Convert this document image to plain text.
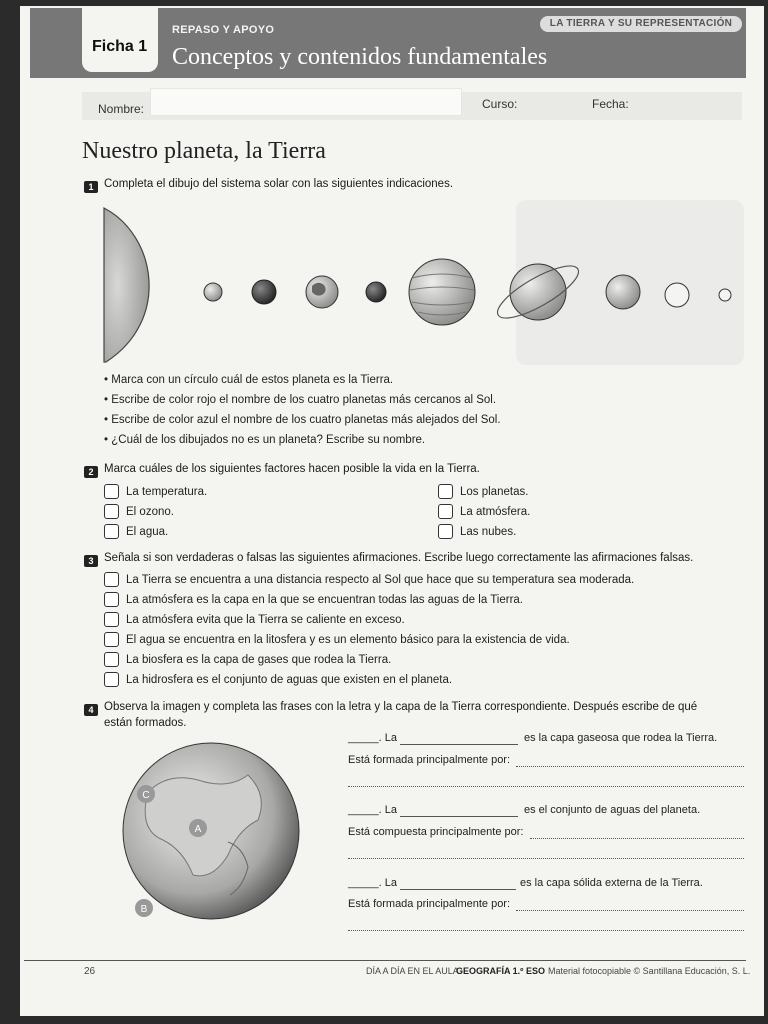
Ficha 1
REPASO Y APOYO
LA TIERRA Y SU REPRESENTACIÓN
Conceptos y contenidos fundamentales
Nombre:	Curso:	Fecha:
Nuestro planeta, la Tierra
1 Completa el dibujo del sistema solar con las siguientes indicaciones.
• Marca con un círculo cuál de estos planeta es la Tierra.
• Escribe de color rojo el nombre de los cuatro planetas más cercanos al Sol.
• Escribe de color azul el nombre de los cuatro planetas más alejados del Sol.
• ¿Cuál de los dibujados no es un planeta? Escribe su nombre.
2 Marca cuáles de los siguientes factores hacen posible la vida en la Tierra.
La temperatura.
El ozono.
El agua.
Los planetas.
La atmósfera.
Las nubes.
3 Señala si son verdaderas o falsas las siguientes afirmaciones. Escribe luego correctamente las afirmaciones falsas.
La Tierra se encuentra a una distancia respecto al Sol que hace que su temperatura sea moderada.
La atmósfera es la capa en la que se encuentran todas las aguas de la Tierra.
La atmósfera evita que la Tierra se caliente en exceso.
El agua se encuentra en la litosfera y es un elemento básico para la existencia de vida.
La biosfera es la capa de gases que rodea la Tierra.
La hidrosfera es el conjunto de aguas que existen en el planeta.
4 Observa la imagen y completa las frases con la letra y la capa de la Tierra correspondiente. Después escribe de qué
están formados.
C
A
B
_____. La	es la capa gaseosa que rodea la Tierra.
Está formada principalmente por:
_____. La	es el conjunto de aguas del planeta.
Está compuesta principalmente por:
_____. La	es la capa sólida externa de la Tierra.
Está formada principalmente por:
26	DÍA A DÍA EN EL AULA
GEOGRAFÍA 1.º ESO Material fotocopiable © Santillana Educación, S. L.
